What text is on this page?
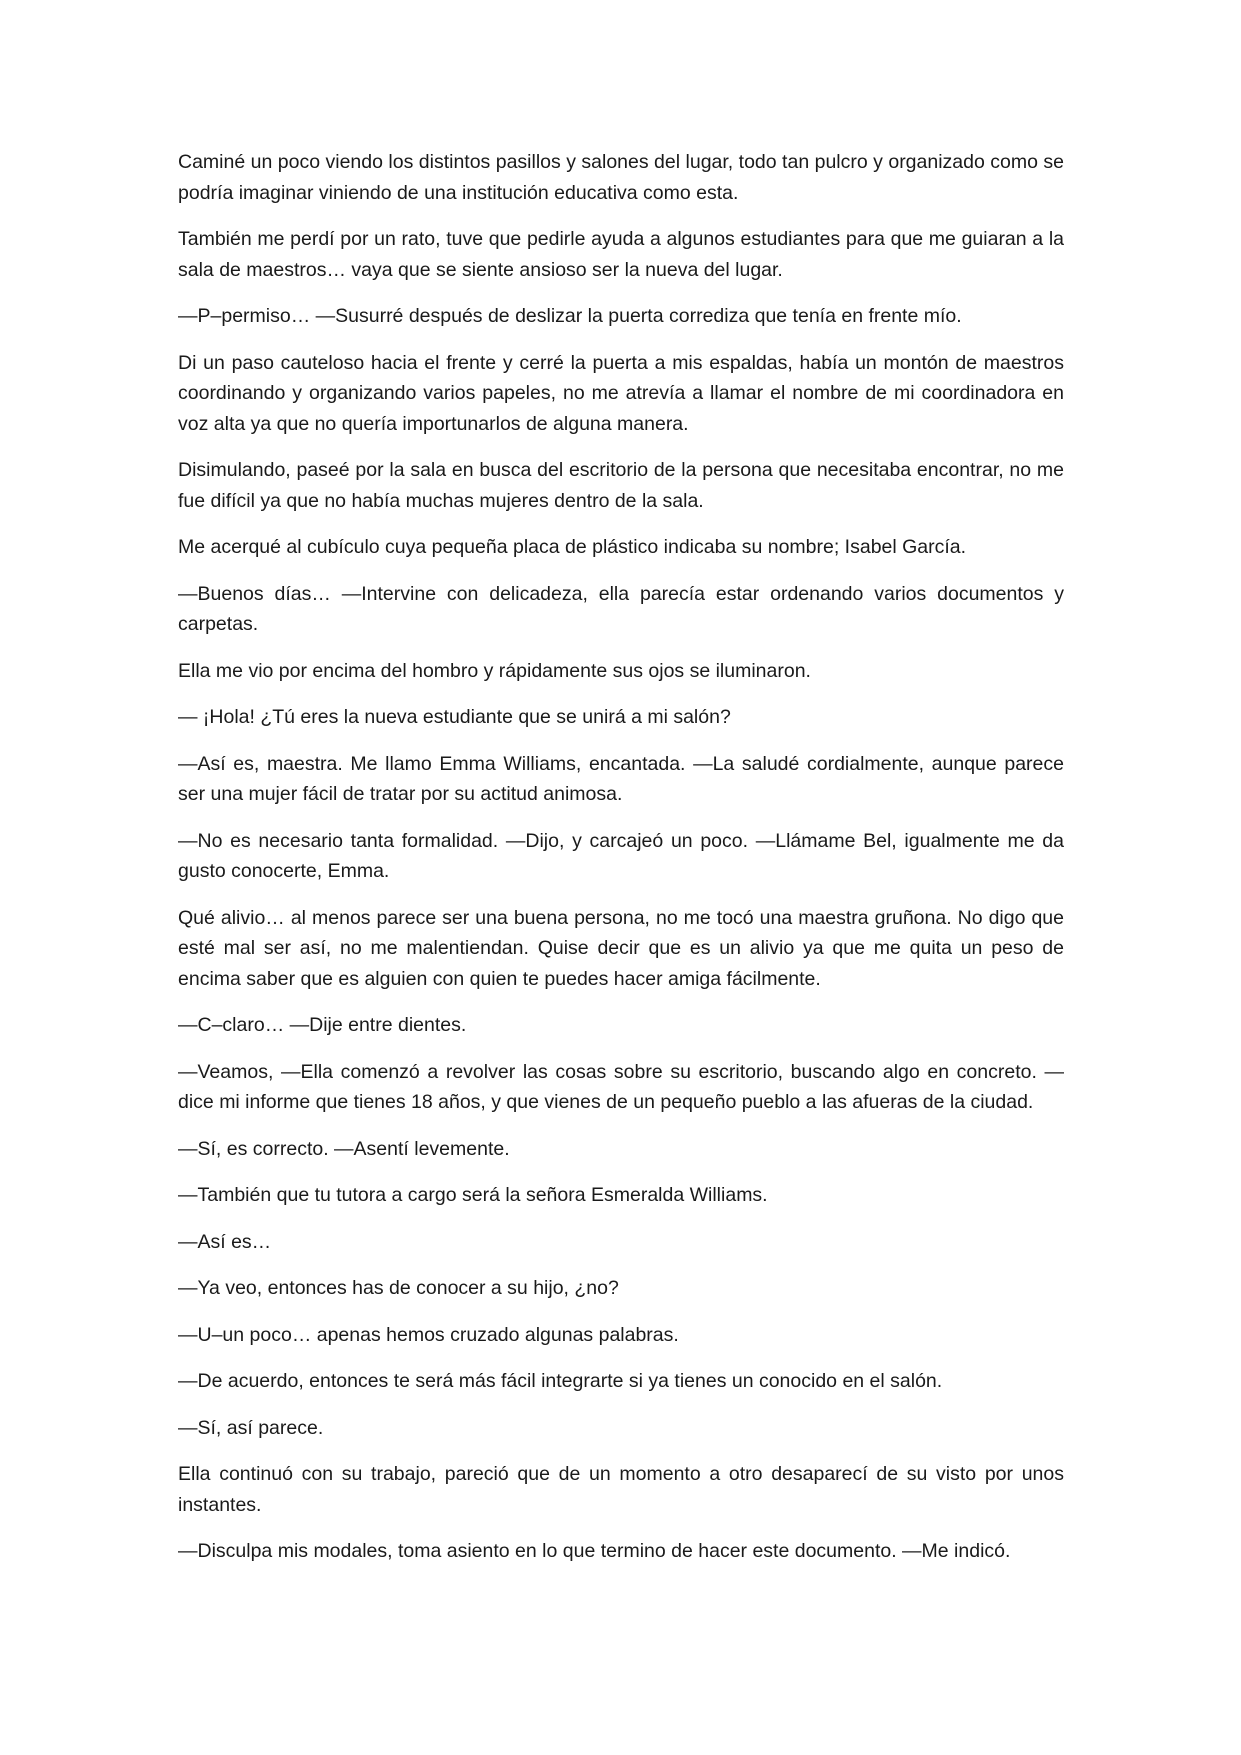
Caminé un poco viendo los distintos pasillos y salones del lugar, todo tan pulcro y organizado como se podría imaginar viniendo de una institución educativa como esta.

También me perdí por un rato, tuve que pedirle ayuda a algunos estudiantes para que me guiaran a la sala de maestros… vaya que se siente ansioso ser la nueva del lugar.

—P–permiso… —Susurré después de deslizar la puerta corrediza que tenía en frente mío.

Di un paso cauteloso hacia el frente y cerré la puerta a mis espaldas, había un montón de maestros coordinando y organizando varios papeles, no me atrevía a llamar el nombre de mi coordinadora en voz alta ya que no quería importunarlos de alguna manera.

Disimulando, paseé por la sala en busca del escritorio de la persona que necesitaba encontrar, no me fue difícil ya que no había muchas mujeres dentro de la sala.

Me acerqué al cubículo cuya pequeña placa de plástico indicaba su nombre; Isabel García.

—Buenos días… —Intervine con delicadeza, ella parecía estar ordenando varios documentos y carpetas.

Ella me vio por encima del hombro y rápidamente sus ojos se iluminaron.

— ¡Hola! ¿Tú eres la nueva estudiante que se unirá a mi salón?

—Así es, maestra. Me llamo Emma Williams, encantada. —La saludé cordialmente, aunque parece ser una mujer fácil de tratar por su actitud animosa.

—No es necesario tanta formalidad. —Dijo, y carcajeó un poco. —Llámame Bel, igualmente me da gusto conocerte, Emma.

Qué alivio… al menos parece ser una buena persona, no me tocó una maestra gruñona. No digo que esté mal ser así, no me malentiendan. Quise decir que es un alivio ya que me quita un peso de encima saber que es alguien con quien te puedes hacer amiga fácilmente.

—C–claro… —Dije entre dientes.

—Veamos, —Ella comenzó a revolver las cosas sobre su escritorio, buscando algo en concreto. —dice mi informe que tienes 18 años, y que vienes de un pequeño pueblo a las afueras de la ciudad.

—Sí, es correcto. —Asentí levemente.

—También que tu tutora a cargo será la señora Esmeralda Williams.

—Así es…

—Ya veo, entonces has de conocer a su hijo, ¿no?

—U–un poco… apenas hemos cruzado algunas palabras.

—De acuerdo, entonces te será más fácil integrarte si ya tienes un conocido en el salón.

—Sí, así parece.

Ella continuó con su trabajo, pareció que de un momento a otro desaparecí de su visto por unos instantes.

—Disculpa mis modales, toma asiento en lo que termino de hacer este documento. —Me indicó.
